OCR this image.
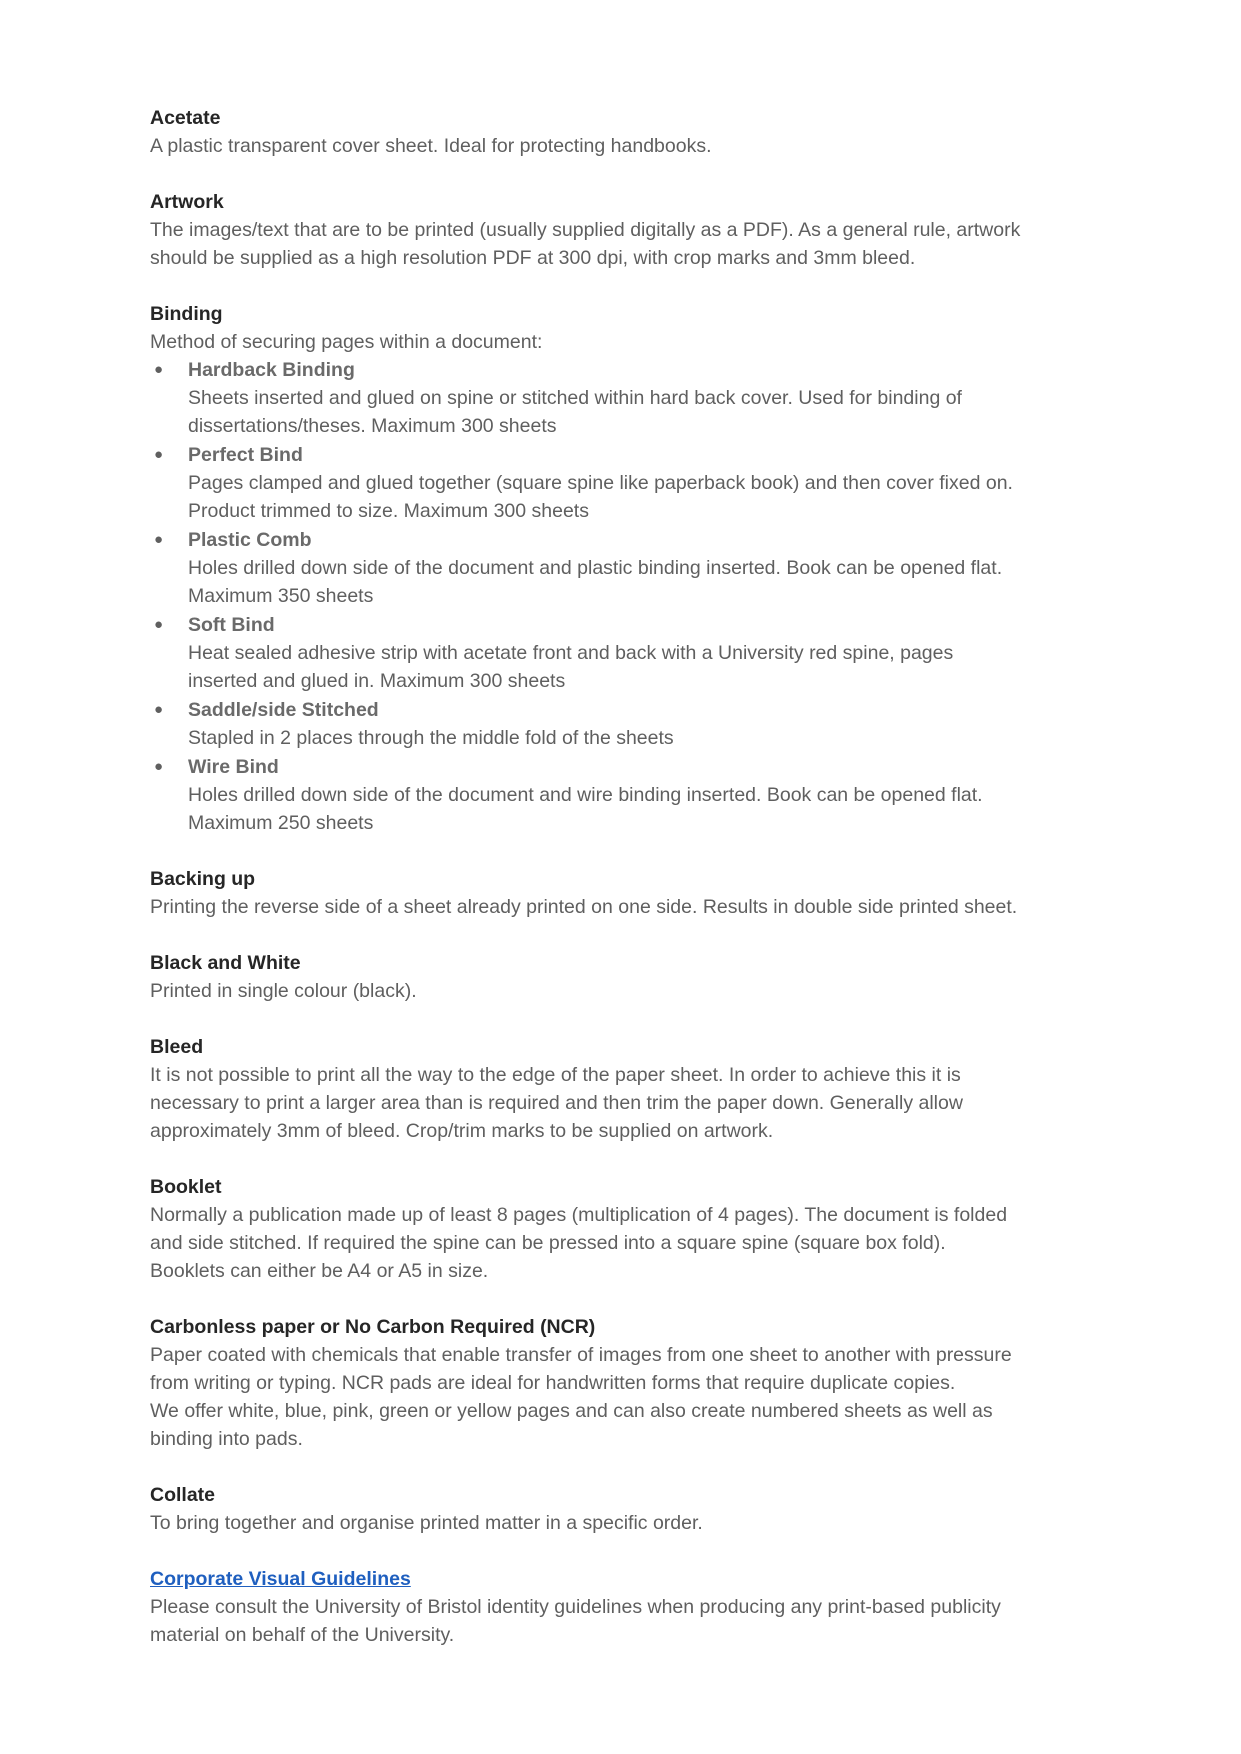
Acetate
A plastic transparent cover sheet. Ideal for protecting handbooks.
Artwork
The images/text that are to be printed (usually supplied digitally as a PDF). As a general rule, artwork
should be supplied as a high resolution PDF at 300 dpi, with crop marks and 3mm bleed.
Binding
Method of securing pages within a document:
● Hardback Binding
Sheets inserted and glued on spine or stitched within hard back cover. Used for binding of
dissertations/theses. Maximum 300 sheets
● Perfect Bind
Pages clamped and glued together (square spine like paperback book) and then cover fixed on.
Product trimmed to size. Maximum 300 sheets
● Plastic Comb
Holes drilled down side of the document and plastic binding inserted. Book can be opened flat.
Maximum 350 sheets
● Soft Bind
Heat sealed adhesive strip with acetate front and back with a University red spine, pages
inserted and glued in. Maximum 300 sheets
● Saddle/side Stitched
Stapled in 2 places through the middle fold of the sheets
● Wire Bind
Holes drilled down side of the document and wire binding inserted. Book can be opened flat.
Maximum 250 sheets
Backing up
Printing the reverse side of a sheet already printed on one side. Results in double side printed sheet.
Black and White
Printed in single colour (black).
Bleed
It is not possible to print all the way to the edge of the paper sheet. In order to achieve this it is
necessary to print a larger area than is required and then trim the paper down. Generally allow
approximately 3mm of bleed. Crop/trim marks to be supplied on artwork.
Booklet
Normally a publication made up of least 8 pages (multiplication of 4 pages). The document is folded
and side stitched. If required the spine can be pressed into a square spine (square box fold).
Booklets can either be A4 or A5 in size.
Carbonless paper or No Carbon Required (NCR)
Paper coated with chemicals that enable transfer of images from one sheet to another with pressure
from writing or typing. NCR pads are ideal for handwritten forms that require duplicate copies.
We offer white, blue, pink, green or yellow pages and can also create numbered sheets as well as
binding into pads.
Collate
To bring together and organise printed matter in a specific order.
Corporate Visual Guidelines
Please consult the University of Bristol identity guidelines when producing any print-based publicity
material on behalf of the University.
